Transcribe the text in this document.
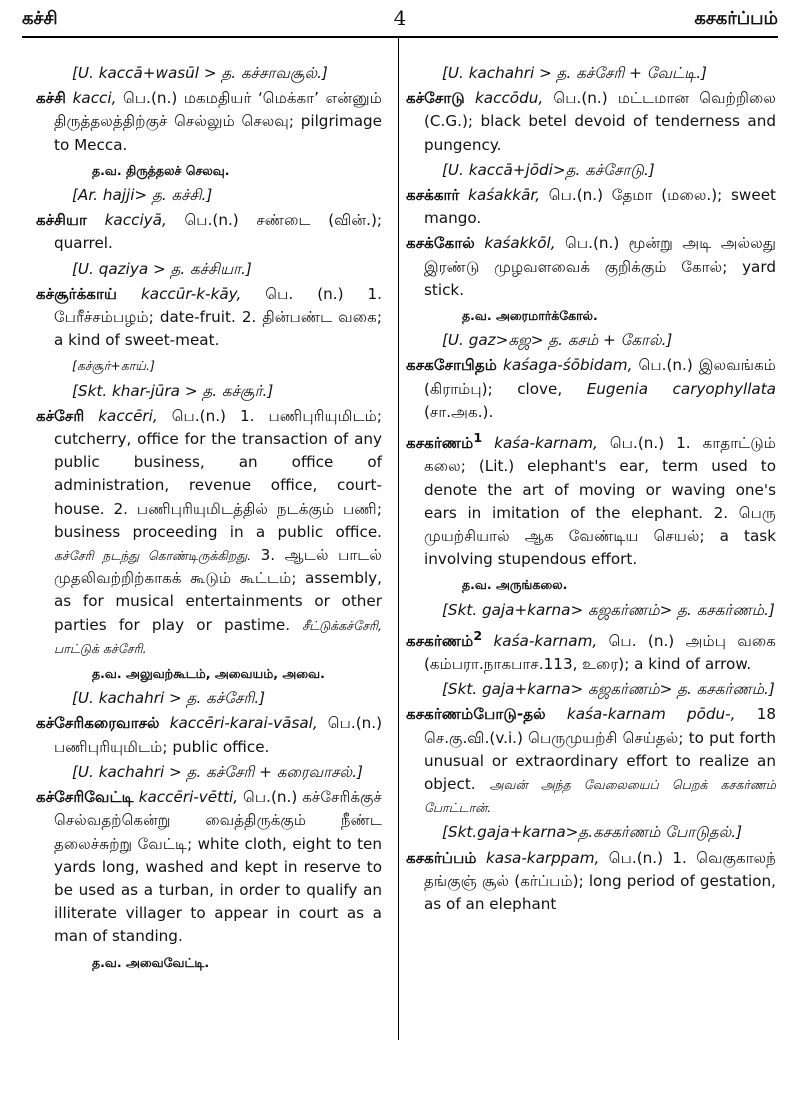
கச்சி	4	கசகர்ப்பம்

[U. kaccā+wasūl > த. கச்சாவசூல்.]

கச்சி kacci, பெ.(n.) மகமதியர் ‘மெக்கா’ என்னும் திருத்தலத்திற்குச் செல்லும் செலவு; pilgrimage to Mecca.

த.வ. திருத்தலச் செலவு.

[Ar. hajji> த. கச்சி.]

கச்சியா kacciyā, பெ.(n.) சண்டை (வின்.); quarrel.

[U. qaziya > த. கச்சியா.]

கச்சூர்க்காய் kaccūr-k-kāy, பெ. (n.) 1. பேரீச்சம்பழம்; date-fruit. 2. தின்பண்ட வகை; a kind of sweet-meat.

[கச்சூர்+காய்.]

[Skt. khar-jūra > த. கச்சூர்.]

கச்சேரி kaccēri, பெ.(n.) 1. பணிபுரியுமிடம்; cutcherry, office for the transaction of any public business, an office of administration, revenue office, court-house. 2. பணிபுரியுமிடத்தில் நடக்கும் பணி; business proceeding in a public office. கச்சேரி நடந்து கொண்டிருக்கிறது. 3. ஆடல் பாடல் முதலிவற்றிற்காகக் கூடும் கூட்டம்; assembly, as for musical entertainments or other parties for play or pastime. சீட்டுக்கச்சேரி, பாட்டுக் கச்சேரி.

த.வ. அலுவற்கூடம், அவையம், அவை.

[U. kachahri > த. கச்சேரி.]

கச்சேரிகரைவாசல் kaccēri-karai-vāsal, பெ.(n.) பணிபுரியுமிடம்; public office.

[U. kachahri > த. கச்சேரி + கரைவாசல்.]

கச்சேரிவேட்டி kaccēri-vētti, பெ.(n.) கச்சேரிக்குச் செல்வதற்கென்று வைத்திருக்கும் நீண்ட தலைச்சுற்று வேட்டி; white cloth, eight to ten yards long, washed and kept in reserve to be used as a turban, in order to qualify an illiterate villager to appear in court as a man of standing.

த.வ. அவைவேட்டி.

[U. kachahri > த. கச்சேரி + வேட்டி.]

கச்சோடு kaccōdu, பெ.(n.) மட்டமான வெற்றிலை (C.G.); black betel devoid of tenderness and pungency.

[U. kaccā+jōdi>த. கச்சோடு.]

கசக்கார் kaśakkār, பெ.(n.) தேமா (மலை.); sweet mango.

கசக்கோல் kaśakkōl, பெ.(n.) மூன்று அடி அல்லது இரண்டு முழவளவைக் குறிக்கும் கோல்; yard stick.

த.வ. அரைமார்க்கோல்.

[U. gaz>கஜ> த. கசம் + கோல்.]

கசகசோபிதம் kaśaga-śōbidam, பெ.(n.) இலவங்கம் (கிராம்பு); clove, Eugenia caryophyllata (சா.அக.).

கசகர்ணம்$^1$ kaśa-karnam, பெ.(n.) 1. காதாட்டும் கலை; (Lit.) elephant's ear, term used to denote the art of moving or waving one's ears in imitation of the elephant. 2. பெரு முயற்சியால் ஆக வேண்டிய செயல்; a task involving stupendous effort.

த.வ. அருங்கலை.

[Skt. gaja+karna> கஜகர்ணம்> த. கசகர்ணம்.]

கசகர்ணம்$^2$ kaśa-karnam, பெ. (n.) அம்பு வகை (கம்பரா.நாகபாச.113, உரை); a kind of arrow.

[Skt. gaja+karna> கஜகர்ணம்> த. கசகர்ணம்.]

கசகர்ணம்போடு-தல் kaśa-karnam pōdu-, 18 செ.கு.வி.(v.i.) பெருமுயற்சி செய்தல்; to put forth unusual or extraordinary effort to realize an object. அவன் அந்த வேலையைப் பெறக் கசகர்ணம் போட்டான்.

[Skt.gaja+karna>த.கசகர்ணம் போடுதல்.]

கசகர்ப்பம் kasa-karppam, பெ.(n.) 1. வெகுகாலந் தங்குஞ் சூல் (கர்ப்பம்); long period of gestation, as of an elephant
